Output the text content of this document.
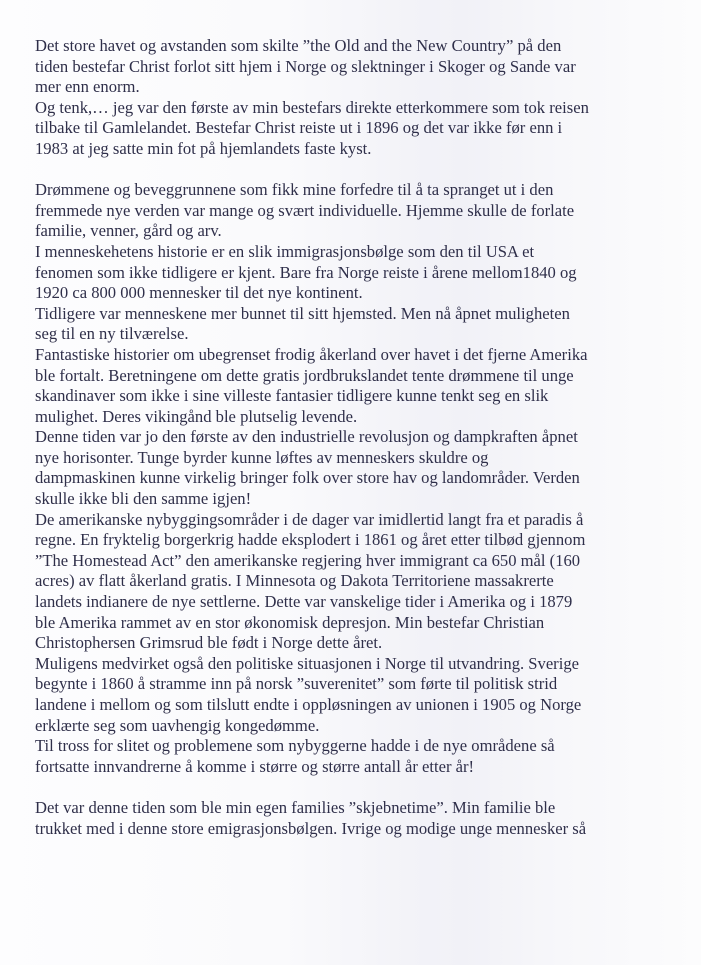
Det store havet og avstanden som skilte ”the Old and the New Country” på den
tiden bestefar Christ forlot sitt hjem i Norge og slektninger i Skoger og Sande var
mer enn enorm.
Og tenk,… jeg var den første av min bestefars direkte etterkommere som tok reisen
tilbake til Gamlelandet. Bestefar Christ reiste ut i 1896 og det var ikke før enn i
1983 at jeg satte min fot på hjemlandets faste kyst.
Drømmene og beveggrunnene som fikk mine forfedre til å ta spranget ut i den
fremmede nye verden var mange og svært individuelle. Hjemme skulle de forlate
familie, venner, gård og arv.
I menneskehetens historie er en slik immigrasjonsbølge som den til USA et
fenomen som ikke tidligere er kjent. Bare fra Norge reiste i årene mellom1840 og
1920 ca 800 000 mennesker til det nye kontinent.
Tidligere var menneskene mer bunnet til sitt hjemsted. Men nå åpnet muligheten
seg til en ny tilværelse.
Fantastiske historier om ubegrenset frodig åkerland over havet i det fjerne Amerika
ble fortalt. Beretningene om dette gratis jordbrukslandet tente drømmene til unge
skandinaver som ikke i sine villeste fantasier tidligere kunne tenkt seg en slik
mulighet. Deres vikingånd ble plutselig levende.
Denne tiden var jo den første av den industrielle revolusjon og dampkraften åpnet
nye horisonter. Tunge byrder kunne løftes av menneskers skuldre og
dampmaskinen kunne virkelig bringer folk over store hav og landområder. Verden
skulle ikke bli den samme igjen!
De amerikanske nybyggingsområder i de dager var imidlertid langt fra et paradis å
regne. En fryktelig borgerkrig hadde eksplodert i 1861 og året etter tilbød gjennom
”The Homestead Act” den amerikanske regjering hver immigrant ca 650 mål (160
acres) av flatt åkerland gratis. I Minnesota og Dakota Territoriene massakrerte
landets indianere de nye settlerne. Dette var vanskelige tider i Amerika og i 1879
ble Amerika rammet av en stor økonomisk depresjon. Min bestefar Christian
Christophersen Grimsrud ble født i Norge dette året.
Muligens medvirket også den politiske situasjonen i Norge til utvandring. Sverige
begynte i 1860 å stramme inn på norsk ”suverenitet” som førte til politisk strid
landene i mellom og som tilslutt endte i oppløsningen av unionen i 1905 og Norge
erklærte seg som uavhengig kongedømme.
Til tross for slitet og problemene som nybyggerne hadde i de nye områdene så
fortsatte innvandrerne å komme i større og større antall år etter år!
Det var denne tiden som ble min egen families ”skjebnetime”. Min familie ble
trukket med i denne store emigrasjonsbølgen. Ivrige og modige unge mennesker så
